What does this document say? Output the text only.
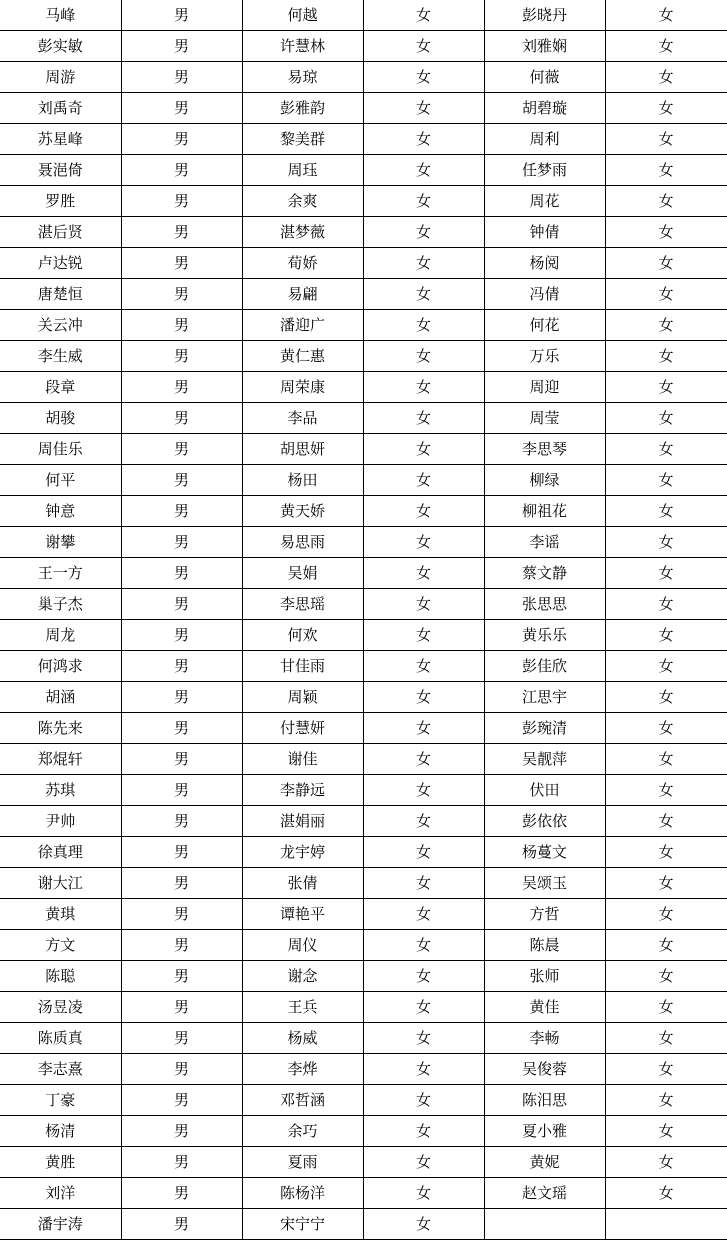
马峰	男	何越	女	彭晓丹	女
彭实敏	男	许慧林	女	刘雅娴	女
周游	男	易琼	女	何薇	女
刘禹奇	男	彭雅韵	女	胡碧璇	女
苏星峰	男	黎美群	女	周利	女
聂浥倚	男	周珏	女	任梦雨	女
罗胜	男	余爽	女	周花	女
湛后贤	男	湛梦薇	女	钟倩	女
卢达锐	男	荀娇	女	杨阅	女
唐楚恒	男	易翩	女	冯倩	女
关云冲	男	潘迎广	女	何花	女
李生威	男	黄仁惠	女	万乐	女
段章	男	周荣康	女	周迎	女
胡骏	男	李品	女	周莹	女
周佳乐	男	胡思妍	女	李思琴	女
何平	男	杨田	女	柳绿	女
钟意	男	黄天娇	女	柳祖花	女
谢攀	男	易思雨	女	李谣	女
王一方	男	吴娟	女	蔡文静	女
巢子杰	男	李思瑶	女	张思思	女
周龙	男	何欢	女	黄乐乐	女
何鸿求	男	甘佳雨	女	彭佳欣	女
胡涵	男	周颖	女	江思宇	女
陈先来	男	付慧妍	女	彭琬清	女
郑焜轩	男	谢佳	女	吴靓萍	女
苏琪	男	李静远	女	伏田	女
尹帅	男	湛娟丽	女	彭依依	女
徐真理	男	龙宇婷	女	杨蔓文	女
谢大江	男	张倩	女	吴颂玉	女
黄琪	男	谭艳平	女	方哲	女
方文	男	周仪	女	陈晨	女
陈聪	男	谢念	女	张师	女
汤昱凌	男	王兵	女	黄佳	女
陈质真	男	杨威	女	李畅	女
李志熹	男	李烨	女	吴俊蓉	女
丁豪	男	邓哲涵	女	陈汨思	女
杨清	男	余巧	女	夏小雅	女
黄胜	男	夏雨	女	黄妮	女
刘洋	男	陈杨洋	女	赵文瑶	女
潘宇涛	男	宋宁宁	女		
